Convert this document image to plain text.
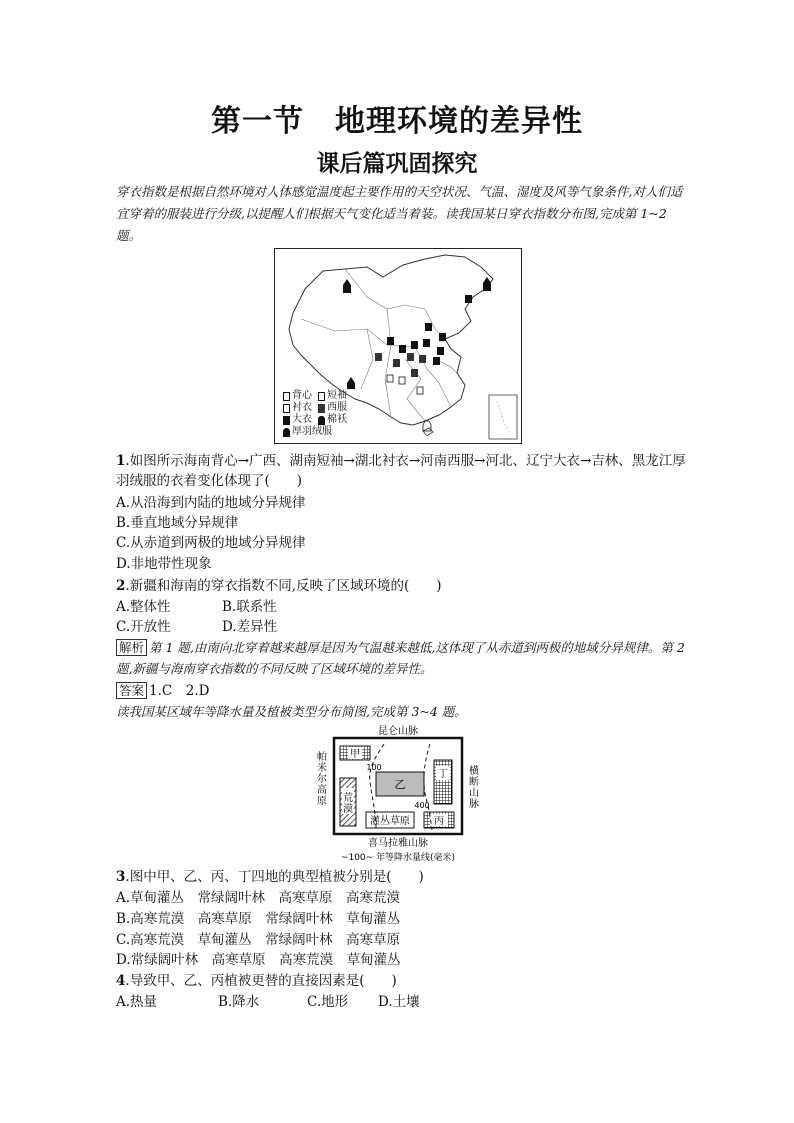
第一节　地理环境的差异性
课后篇巩固探究
穿衣指数是根据自然环境对人体感觉温度起主要作用的天空状况、气温、湿度及风等气象条件,对人们适宜穿着的服装进行分级,以提醒人们根据天气变化适当着装。读我国某日穿衣指数分布图,完成第 1~2 题。
背心 短袖
衬衣 西服
大衣 棉袄
厚羽绒服
1.如图所示海南背心→广西、湖南短袖→湖北衬衣→河南西服→河北、辽宁大衣→吉林、黑龙江厚羽绒服的衣着变化体现了(　　)
A.从沿海到内陆的地域分异规律
B.垂直地域分异规律
C.从赤道到两极的地域分异规律
D.非地带性现象
2.新疆和海南的穿衣指数不同,反映了区域环境的(　　)
A.整体性	B.联系性
C.开放性	D.差异性
解析 第 1 题,由南向北穿着越来越厚是因为气温越来越低,这体现了从赤道到两极的地域分异规律。第 2 题,新疆与海南穿衣指数的不同反映了区域环境的差异性。
答案 1.C　2.D
读我国某区域年等降水量及植被类型分布简图,完成第 3~4 题。
甲
丁
乙
荒漠
灌丛草原 丙
100
400
昆仑山脉
喜马拉雅山脉
~100~ 年等降水量线(毫米)
帕米尔高原
横断山脉

3.图中甲、乙、丙、丁四地的典型植被分别是(　　)
A.草甸灌丛　常绿阔叶林　高寒草原　高寒荒漠
B.高寒荒漠　高寒草原　常绿阔叶林　草甸灌丛
C.高寒荒漠　草甸灌丛　常绿阔叶林　高寒草原
D.常绿阔叶林　高寒草原　高寒荒漠　草甸灌丛
4.导致甲、乙、丙植被更替的直接因素是(　　)
A.热量	B.降水	C.地形 D.土壤
